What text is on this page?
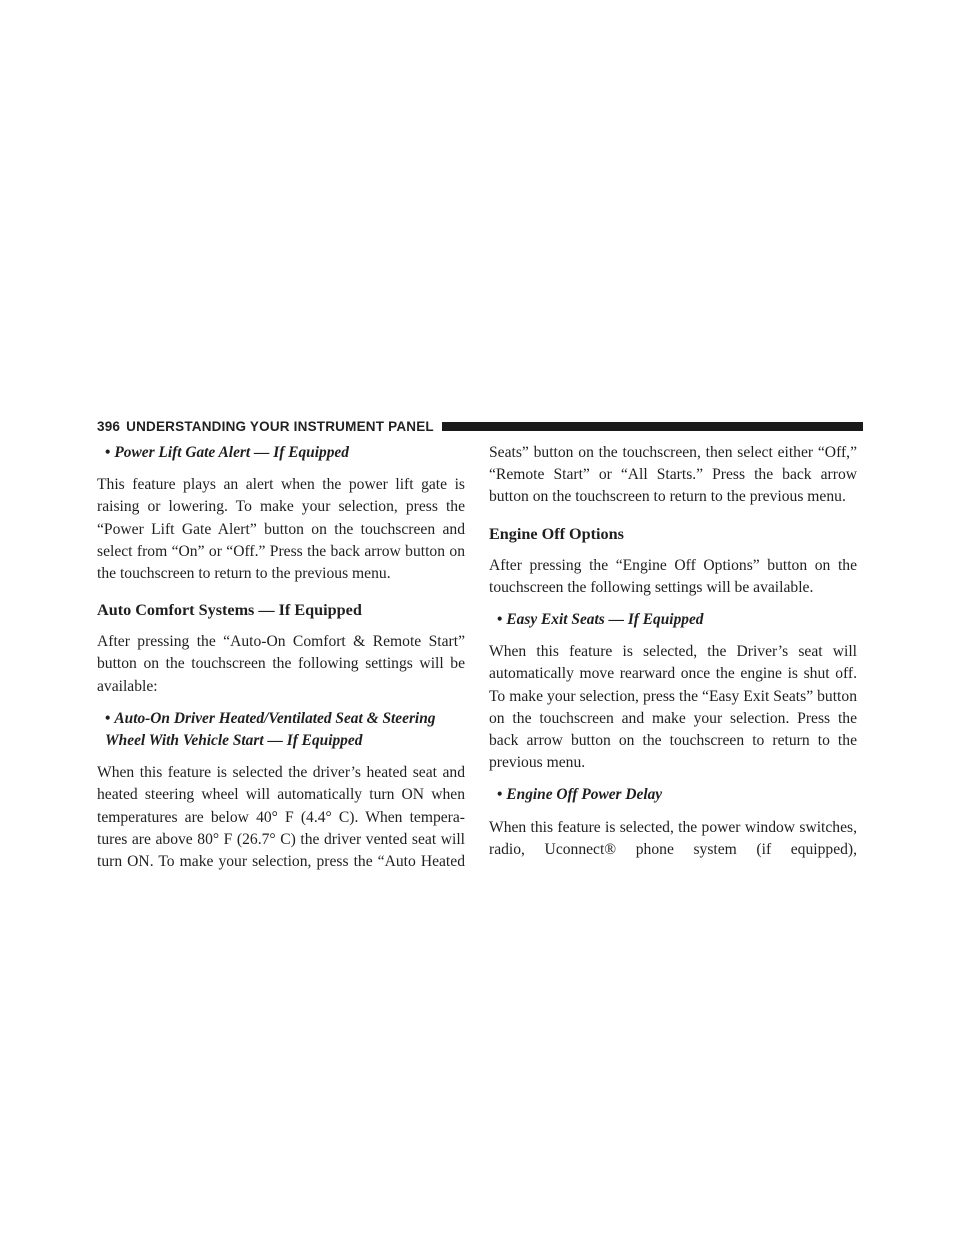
396 UNDERSTANDING YOUR INSTRUMENT PANEL
• Power Lift Gate Alert — If Equipped

This feature plays an alert when the power lift gate is raising or lowering. To make your selection, press the “Power Lift Gate Alert” button on the touchscreen and select from “On” or “Off.” Press the back arrow button on the touchscreen to return to the previous menu.

Auto Comfort Systems — If Equipped

After pressing the “Auto-On Comfort & Remote Start” button on the touchscreen the following settings will be available:

• Auto-On Driver Heated/Ventilated Seat & Steering Wheel With Vehicle Start — If Equipped

When this feature is selected the driver’s heated seat and heated steering wheel will automatically turn ON when temperatures are below 40° F (4.4° C). When tempera-tures are above 80° F (26.7° C) the driver vented seat will turn ON. To make your selection, press the “Auto Heated

Seats” button on the touchscreen, then select either “Off,” “Remote Start” or “All Starts.” Press the back arrow button on the touchscreen to return to the previous menu.

Engine Off Options

After pressing the “Engine Off Options” button on the touchscreen the following settings will be available.

• Easy Exit Seats — If Equipped

When this feature is selected, the Driver’s seat will automatically move rearward once the engine is shut off. To make your selection, press the “Easy Exit Seats” button on the touchscreen and make your selection. Press the back arrow button on the touchscreen to return to the previous menu.

• Engine Off Power Delay

When this feature is selected, the power window switches, radio, Uconnect® phone system (if equipped),
